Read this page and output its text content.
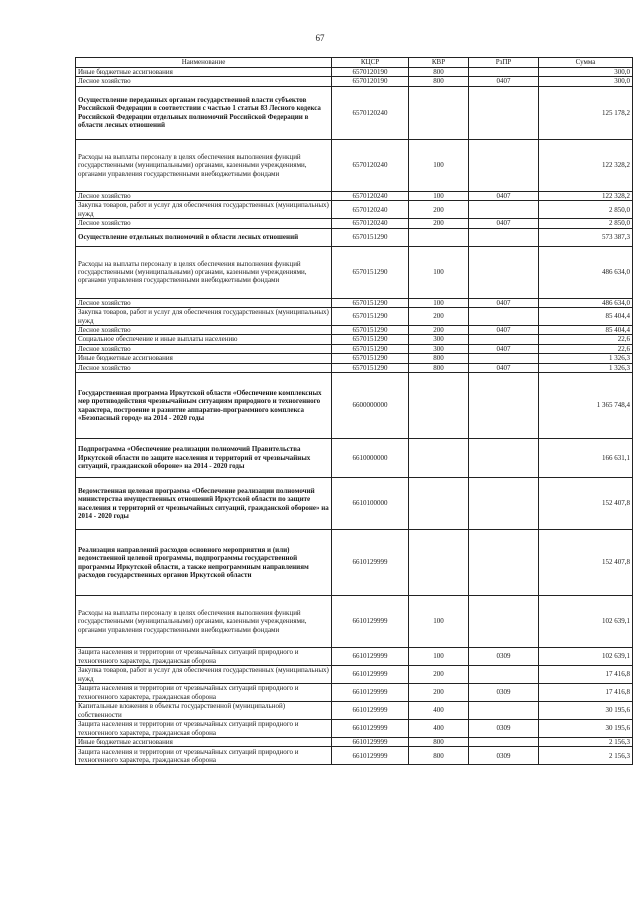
67
Наименование	КЦСР	КВР	РзПР	Сумма
Иные бюджетные ассигнования	6570120190	800		300,0
Лесное хозяйство	6570120190	800	0407	300,0
Осуществление переданных органам государственной власти субъектов Российской Федерации в соответствии с частью 1 статьи 83 Лесного кодекса Российской Федерации отдельных полномочий Российской Федерации в области лесных отношений	6570120240			125 178,2
Расходы на выплаты персоналу в целях обеспечения выполнения функций государственными (муниципальными) органами, казенными учреждениями, органами управления государственными внебюджетными фондами	6570120240	100		122 328,2
Лесное хозяйство	6570120240	100	0407	122 328,2
Закупка товаров, работ и услуг для обеспечения государственных (муниципальных) нужд	6570120240	200		2 850,0
Лесное хозяйство	6570120240	200	0407	2 850,0
Осуществление отдельных полномочий в области лесных отношений	6570151290			573 387,3
Расходы на выплаты персоналу в целях обеспечения выполнения функций государственными (муниципальными) органами, казенными учреждениями, органами управления государственными внебюджетными фондами	6570151290	100		486 634,0
Лесное хозяйство	6570151290	100	0407	486 634,0
Закупка товаров, работ и услуг для обеспечения государственных (муниципальных) нужд	6570151290	200		85 404,4
Лесное хозяйство	6570151290	200	0407	85 404,4
Социальное обеспечение и иные выплаты населению	6570151290	300		22,6
Лесное хозяйство	6570151290	300	0407	22,6
Иные бюджетные ассигнования	6570151290	800		1 326,3
Лесное хозяйство	6570151290	800	0407	1 326,3
Государственная программа Иркутской области «Обеспечение комплексных мер противодействия чрезвычайным ситуациям природного и техногенного характера, построение и развитие аппаратно-программного комплекса «Безопасный город» на 2014 - 2020 годы	6600000000			1 365 748,4
Подпрограмма «Обеспечение реализации полномочий Правительства Иркутской области по защите населения и территорий от чрезвычайных ситуаций, гражданской обороне» на 2014 - 2020 годы	6610000000			166 631,1
Ведомственная целевая программа «Обеспечение реализации полномочий министерства имущественных отношений Иркутской области по защите населения и территорий от чрезвычайных ситуаций, гражданской обороне» на 2014 - 2020 годы	6610100000			152 407,8
Реализация направлений расходов основного мероприятия и (или) ведомственной целевой программы, подпрограммы государственной программы Иркутской области, а также непрограммным направлениям расходов государственных органов Иркутской области	6610129999			152 407,8
Расходы на выплаты персоналу в целях обеспечения выполнения функций государственными (муниципальными) органами, казенными учреждениями, органами управления государственными внебюджетными фондами	6610129999	100		102 639,1
Защита населения и территории от чрезвычайных ситуаций природного и техногенного характера, гражданская оборона	6610129999	100	0309	102 639,1
Закупка товаров, работ и услуг для обеспечения государственных (муниципальных) нужд	6610129999	200		17 416,8
Защита населения и территории от чрезвычайных ситуаций природного и техногенного характера, гражданская оборона	6610129999	200	0309	17 416,8
Капитальные вложения в объекты государственной (муниципальной) собственности	6610129999	400		30 195,6
Защита населения и территории от чрезвычайных ситуаций природного и техногенного характера, гражданская оборона	6610129999	400	0309	30 195,6
Иные бюджетные ассигнования	6610129999	800		2 156,3
Защита населения и территории от чрезвычайных ситуаций природного и техногенного характера, гражданская оборона	6610129999	800	0309	2 156,3
